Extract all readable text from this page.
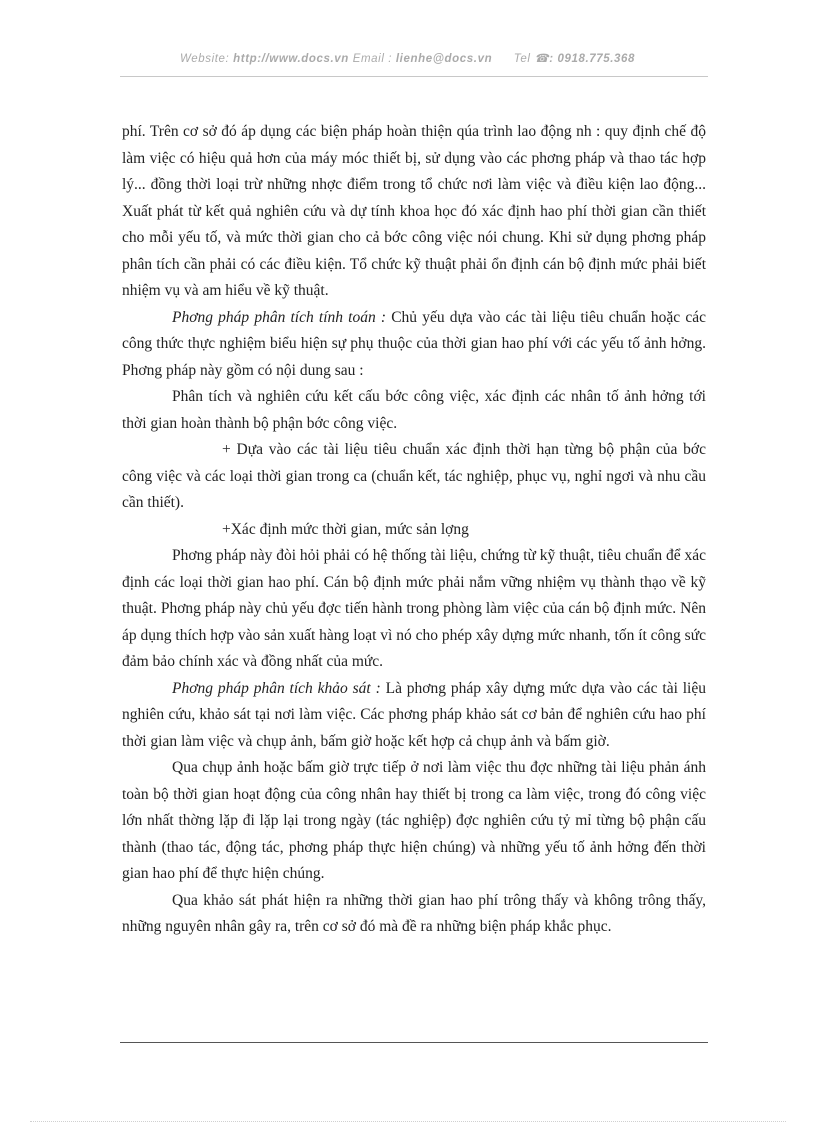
Website: http://www.docs.vn Email : lienhe@docs.vn Tel ☎: 0918.775.368

phí. Trên cơ sở đó áp dụng các biện pháp hoàn thiện qúa trình lao động nh : quy định chế độ làm việc có hiệu quả hơn của máy móc thiết bị, sử dụng vào các phơng pháp và thao tác hợp lý... đồng thời loại trừ những nhợc điểm trong tổ chức nơi làm việc và điều kiện lao động... Xuất phát từ kết quả nghiên cứu và dự tính khoa học đó xác định hao phí thời gian cần thiết cho mỗi yếu tố, và mức thời gian cho cả bớc công việc nói chung. Khi sử dụng phơng pháp phân tích cần phải có các điều kiện. Tổ chức kỹ thuật phải ổn định cán bộ định mức phải biết nhiệm vụ và am hiểu về kỹ thuật.

Phơng pháp phân tích tính toán : Chủ yếu dựa vào các tài liệu tiêu chuẩn hoặc các công thức thực nghiệm biểu hiện sự phụ thuộc của thời gian hao phí với các yếu tố ảnh hởng. Phơng pháp này gồm có nội dung sau :

Phân tích và nghiên cứu kết cấu bớc công việc, xác định các nhân tố ảnh hởng tới thời gian hoàn thành bộ phận bớc công việc.

+ Dựa vào các tài liệu tiêu chuẩn xác định thời hạn từng bộ phận của bớc công việc và các loại thời gian trong ca (chuẩn kết, tác nghiệp, phục vụ, nghỉ ngơi và nhu cầu cần thiết).

+Xác định mức thời gian, mức sản lợng

Phơng pháp này đòi hỏi phải có hệ thống tài liệu, chứng từ kỹ thuật, tiêu chuẩn để xác định các loại thời gian hao phí. Cán bộ định mức phải nắm vững nhiệm vụ thành thạo về kỹ thuật. Phơng pháp này chủ yếu đợc tiến hành trong phòng làm việc của cán bộ định mức. Nên áp dụng thích hợp vào sản xuất hàng loạt vì nó cho phép xây dựng mức nhanh, tốn ít công sức đảm bảo chính xác và đồng nhất của mức.

Phơng pháp phân tích khảo sát : Là phơng pháp xây dựng mức dựa vào các tài liệu nghiên cứu, khảo sát tại nơi làm việc. Các phơng pháp khảo sát cơ bản để nghiên cứu hao phí thời gian làm việc và chụp ảnh, bấm giờ hoặc kết hợp cả chụp ảnh và bấm giờ.

Qua chụp ảnh hoặc bấm giờ trực tiếp ở nơi làm việc thu đợc những tài liệu phản ánh toàn bộ thời gian hoạt động của công nhân hay thiết bị trong ca làm việc, trong đó công việc lớn nhất thờng lặp đi lặp lại trong ngày (tác nghiệp) đợc nghiên cứu tỷ mỉ từng bộ phận cấu thành (thao tác, động tác, phơng pháp thực hiện chúng) và những yếu tố ảnh hởng đến thời gian hao phí để thực hiện chúng.

Qua khảo sát phát hiện ra những thời gian hao phí trông thấy và không trông thấy, những nguyên nhân gây ra, trên cơ sở đó mà đề ra những biện pháp khắc phục.
